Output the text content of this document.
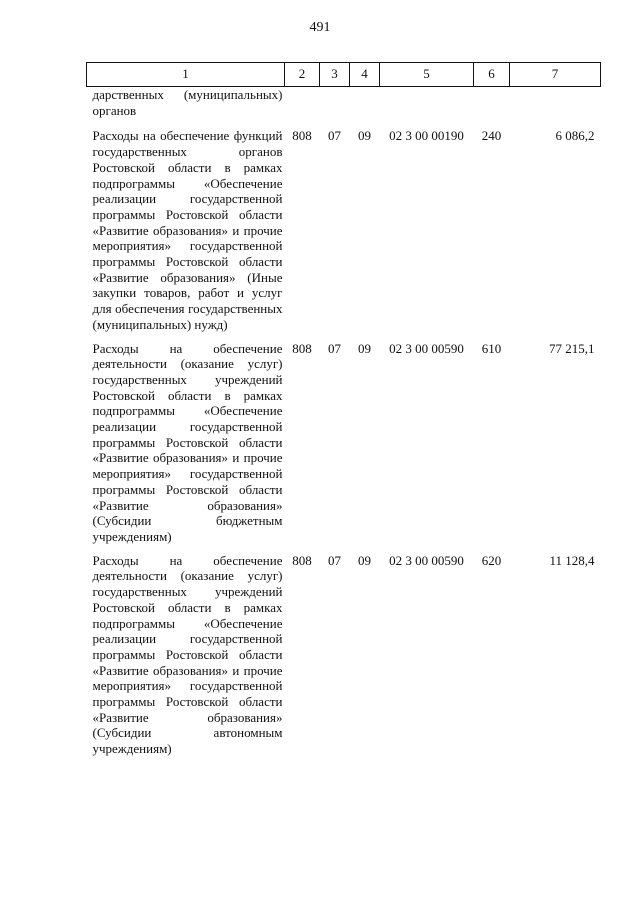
491
1	2	3	4	5	6	7
дарственных (муниципальных) органов						
Расходы на обеспечение функций государственных органов Ростовской области в рамках подпрограммы «Обеспечение реализации государственной программы Ростовской области «Развитие образования» и прочие мероприятия» государственной программы Ростовской области «Развитие образования» (Иные закупки товаров, работ и услуг для обеспечения государственных (муниципальных) нужд)	808	07	09	02 3 00 00190	240	6 086,2
Расходы на обеспечение деятельности (оказание услуг) государственных учреждений Ростовской области в рамках подпрограммы «Обеспечение реализации государственной программы Ростовской области «Развитие образования» и прочие мероприятия» государственной программы Ростовской области «Развитие образования» (Субсидии бюджетным учреждениям)	808	07	09	02 3 00 00590	610	77 215,1
Расходы на обеспечение деятельности (оказание услуг) государственных учреждений Ростовской области в рамках подпрограммы «Обеспечение реализации государственной программы Ростовской области «Развитие образования» и прочие мероприятия» государственной программы Ростовской области «Развитие образования» (Субсидии автономным учреждениям)	808	07	09	02 3 00 00590	620	11 128,4
